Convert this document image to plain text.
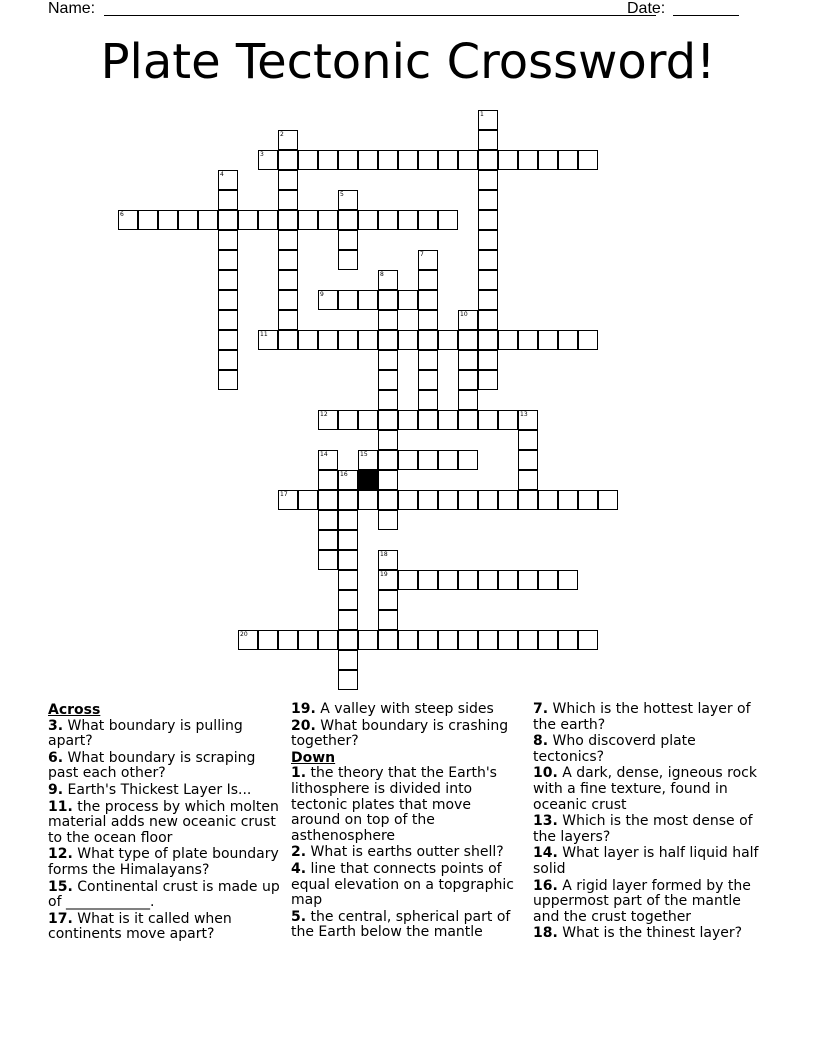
Name:	Date:
Plate Tectonic Crossword!
1
2
3
4
5
6
7
8
9
10
11
12	13
14	15
16
17
18
19
20
Across
3. What boundary is pulling apart?
6. What boundary is scraping past each other?
9. Earth's Thickest Layer Is...
11. the process by which molten material adds new oceanic crust to the ocean floor
12. What type of plate boundary forms the Himalayans?
15. Continental crust is made up of ____________.
17. What is it called when continents move apart?
19. A valley with steep sides
20. What boundary is crashing together?
Down
1. the theory that the Earth's lithosphere is divided into tectonic plates that move around on top of the asthenosphere
2. What is earths outter shell?
4. line that connects points of equal elevation on a topgraphic map
5. the central, spherical part of the Earth below the mantle
7. Which is the hottest layer of the earth?
8. Who discoverd plate tectonics?
10. A dark, dense, igneous rock with a fine texture, found in oceanic crust
13. Which is the most dense of the layers?
14. What layer is half liquid half solid
16. A rigid layer formed by the uppermost part of the mantle and the crust together
18. What is the thinest layer?
